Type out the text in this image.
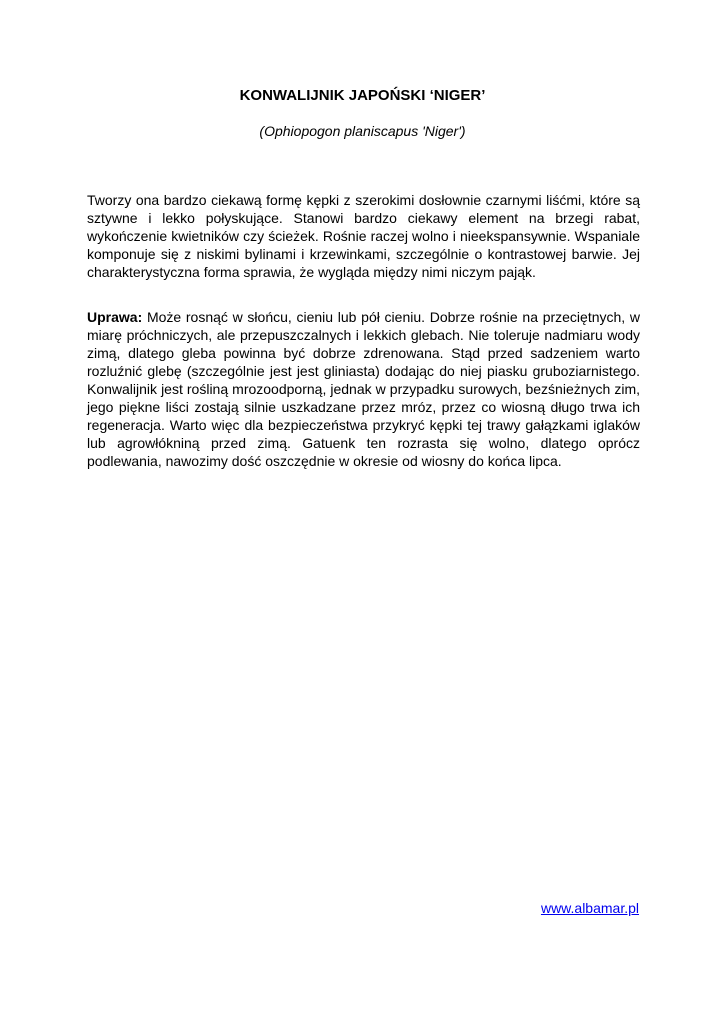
KONWALIJNIK JAPOŃSKI ‘NIGER’
(Ophiopogon planiscapus 'Niger')

Tworzy ona bardzo ciekawą formę kępki z szerokimi dosłownie czarnymi liśćmi, które są sztywne i lekko połyskujące. Stanowi bardzo ciekawy element na brzegi rabat, wykończenie kwietników czy ścieżek. Rośnie raczej wolno i nieekspansywnie. Wspaniale komponuje się z niskimi bylinami i krzewinkami, szczególnie o kontrastowej barwie. Jej charakterystyczna forma sprawia, że wygląda między nimi niczym pająk.

Uprawa: Może rosnąć w słońcu, cieniu lub pół cieniu. Dobrze rośnie na przeciętnych, w miarę próchniczych, ale przepuszczalnych i lekkich glebach. Nie toleruje nadmiaru wody zimą, dlatego gleba powinna być dobrze zdrenowana. Stąd przed sadzeniem warto rozluźnić glebę (szczególnie jest jest gliniasta) dodając do niej piasku gruboziarnistego. Konwalijnik jest rośliną mrozoodporną, jednak w przypadku surowych, bezśnieżnych zim, jego piękne liści zostają silnie uszkadzane przez mróz, przez co wiosną długo trwa ich regeneracja. Warto więc dla bezpieczeństwa przykryć kępki tej trawy gałązkami iglaków lub agrowłókniną przed zimą. Gatuenk ten rozrasta się wolno, dlatego oprócz podlewania, nawozimy dość oszczędnie w okresie od wiosny do końca lipca.

www.albamar.pl
